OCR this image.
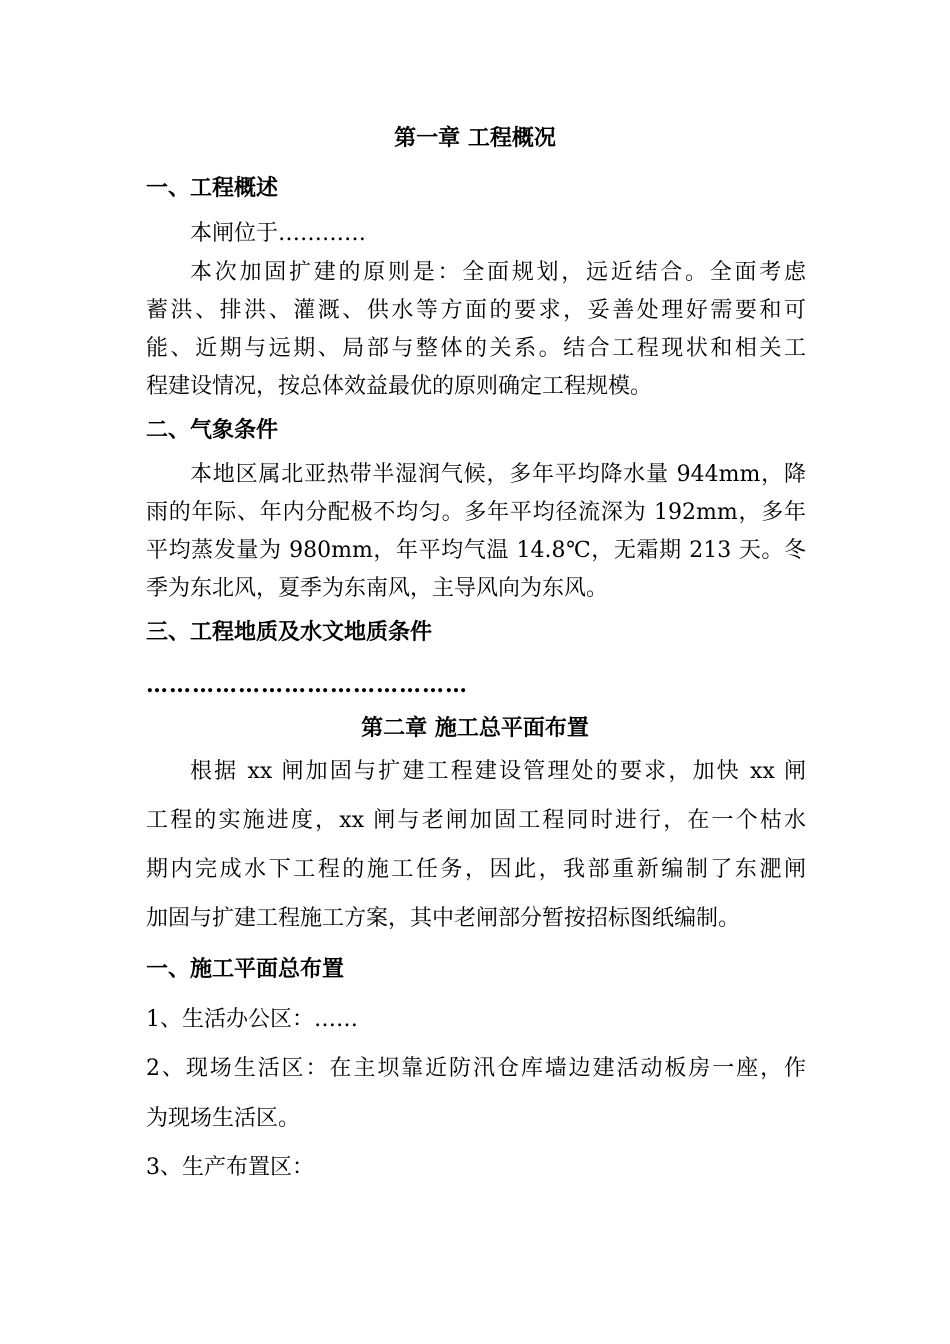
第一章 工程概况
一、工程概述
本闸位于…………
本次加固扩建的原则是：全面规划，远近结合。全面考虑
蓄洪、排洪、灌溉、供水等方面的要求，妥善处理好需要和可
能、近期与远期、局部与整体的关系。结合工程现状和相关工
程建设情况，按总体效益最优的原则确定工程规模。
二、气象条件
本地区属北亚热带半湿润气候，多年平均降水量 944mm，降
雨的年际、年内分配极不均匀。多年平均径流深为 192mm，多年
平均蒸发量为 980mm，年平均气温 14.8℃，无霜期 213 天。冬
季为东北风，夏季为东南风，主导风向为东风。
三、工程地质及水文地质条件
……………………………………
第二章 施工总平面布置
根据 xx 闸加固与扩建工程建设管理处的要求，加快 xx 闸
工程的实施进度，xx 闸与老闸加固工程同时进行，在一个枯水
期内完成水下工程的施工任务，因此，我部重新编制了东淝闸
加固与扩建工程施工方案，其中老闸部分暂按招标图纸编制。
一、施工平面总布置
1、生活办公区：……
2、现场生活区：在主坝靠近防汛仓库墙边建活动板房一座，作
为现场生活区。
3、生产布置区：
